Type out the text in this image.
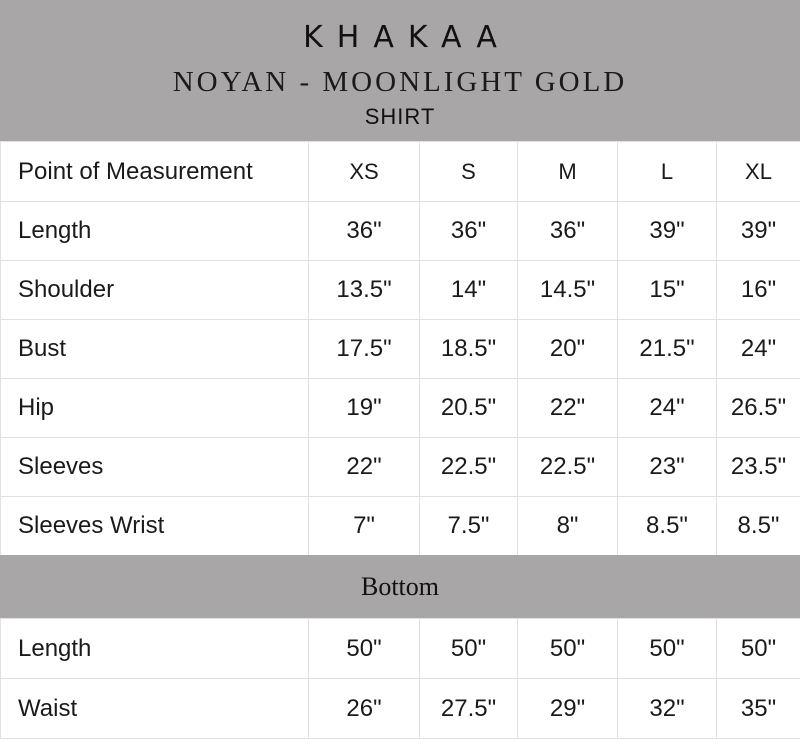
KHAKAA
NOYAN - MOONLIGHT GOLD
SHIRT
Point of Measurement	XS	S	M	L	XL
Length	36"	36"	36"	39"	39"
Shoulder	13.5"	14"	14.5"	15"	16"
Bust	17.5"	18.5"	20"	21.5"	24"
Hip	19"	20.5"	22"	24"	26.5"
Sleeves	22"	22.5"	22.5"	23"	23.5"
Sleeves Wrist	7"	7.5"	8"	8.5"	8.5"
Bottom
Length	50"	50"	50"	50"	50"
Waist	26"	27.5"	29"	32"	35"
